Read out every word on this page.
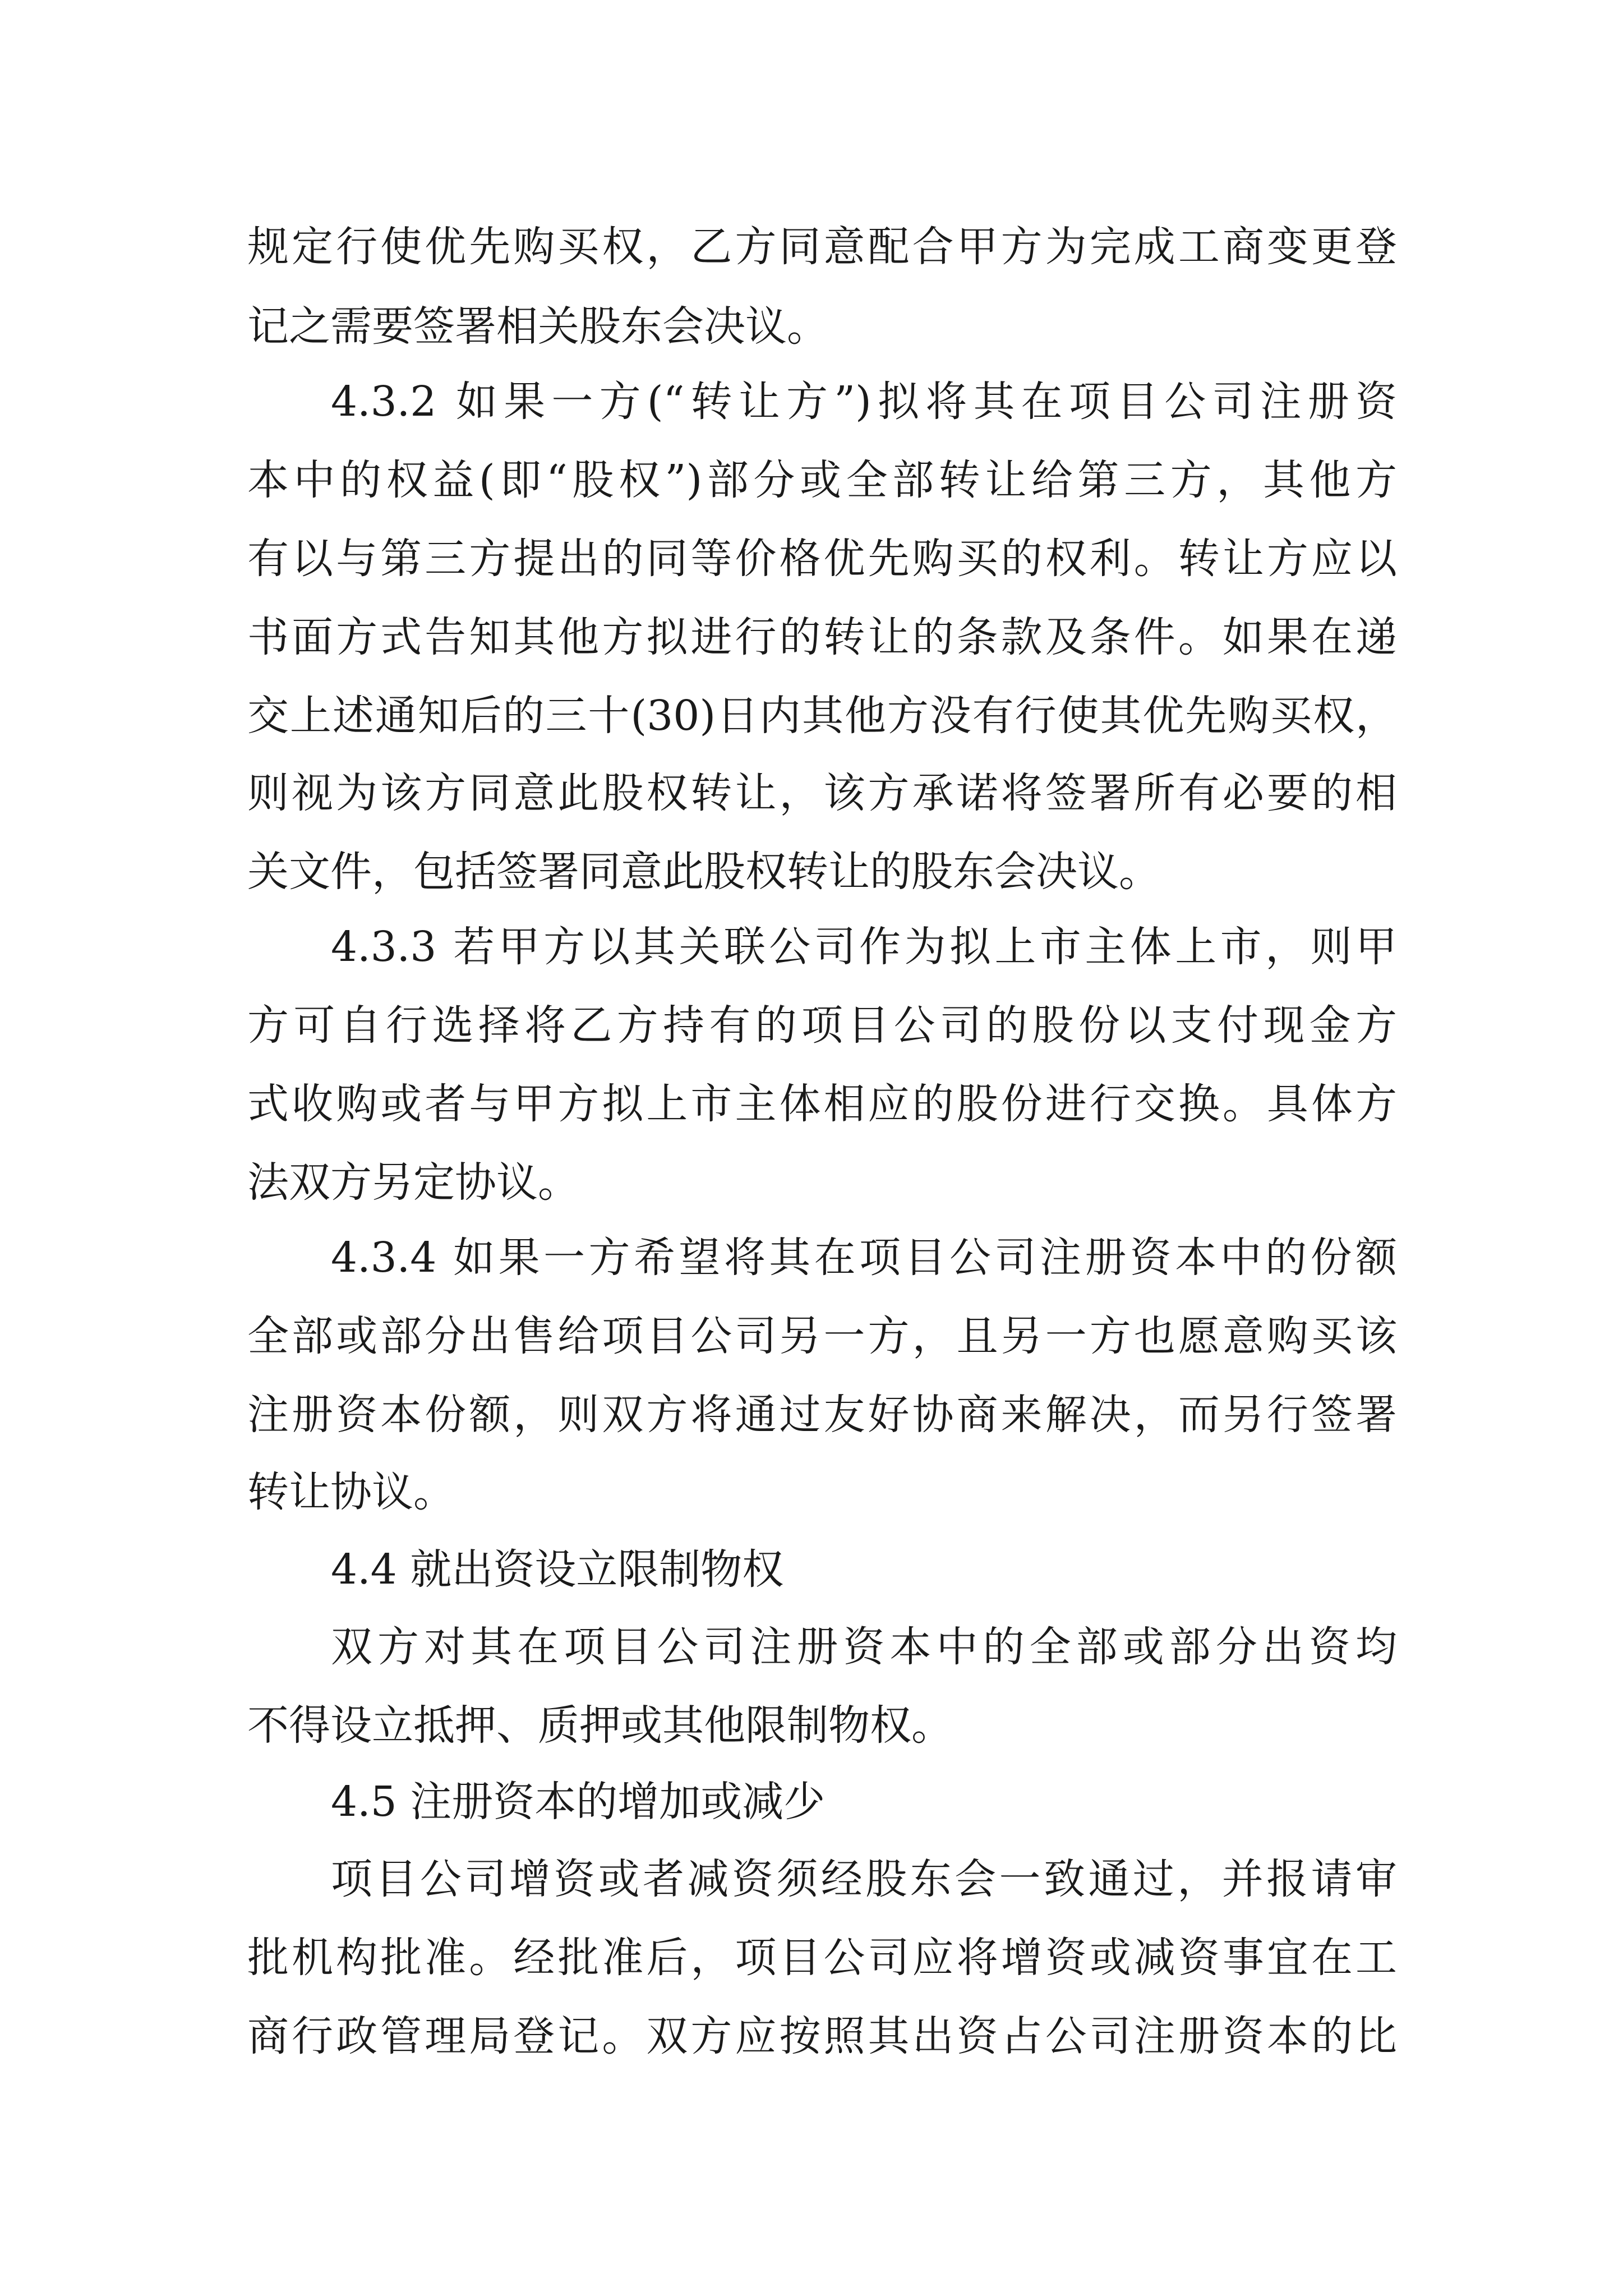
规定行使优先购买权，乙方同意配合甲方为完成工商变更登
记之需要签署相关股东会决议。
4.3.2 如果一方(“转让方”)拟将其在项目公司注册资
本中的权益(即“股权”)部分或全部转让给第三方，其他方
有以与第三方提出的同等价格优先购买的权利。转让方应以
书面方式告知其他方拟进行的转让的条款及条件。如果在递
交上述通知后的三十(30)日内其他方没有行使其优先购买权，
则视为该方同意此股权转让，该方承诺将签署所有必要的相
关文件，包括签署同意此股权转让的股东会决议。
4.3.3 若甲方以其关联公司作为拟上市主体上市，则甲
方可自行选择将乙方持有的项目公司的股份以支付现金方
式收购或者与甲方拟上市主体相应的股份进行交换。具体方
法双方另定协议。
4.3.4 如果一方希望将其在项目公司注册资本中的份额
全部或部分出售给项目公司另一方，且另一方也愿意购买该
注册资本份额，则双方将通过友好协商来解决，而另行签署
转让协议。
4.4 就出资设立限制物权
双方对其在项目公司注册资本中的全部或部分出资均
不得设立抵押、质押或其他限制物权。
4.5 注册资本的增加或减少
项目公司增资或者减资须经股东会一致通过，并报请审
批机构批准。经批准后，项目公司应将增资或减资事宜在工
商行政管理局登记。双方应按照其出资占公司注册资本的比
